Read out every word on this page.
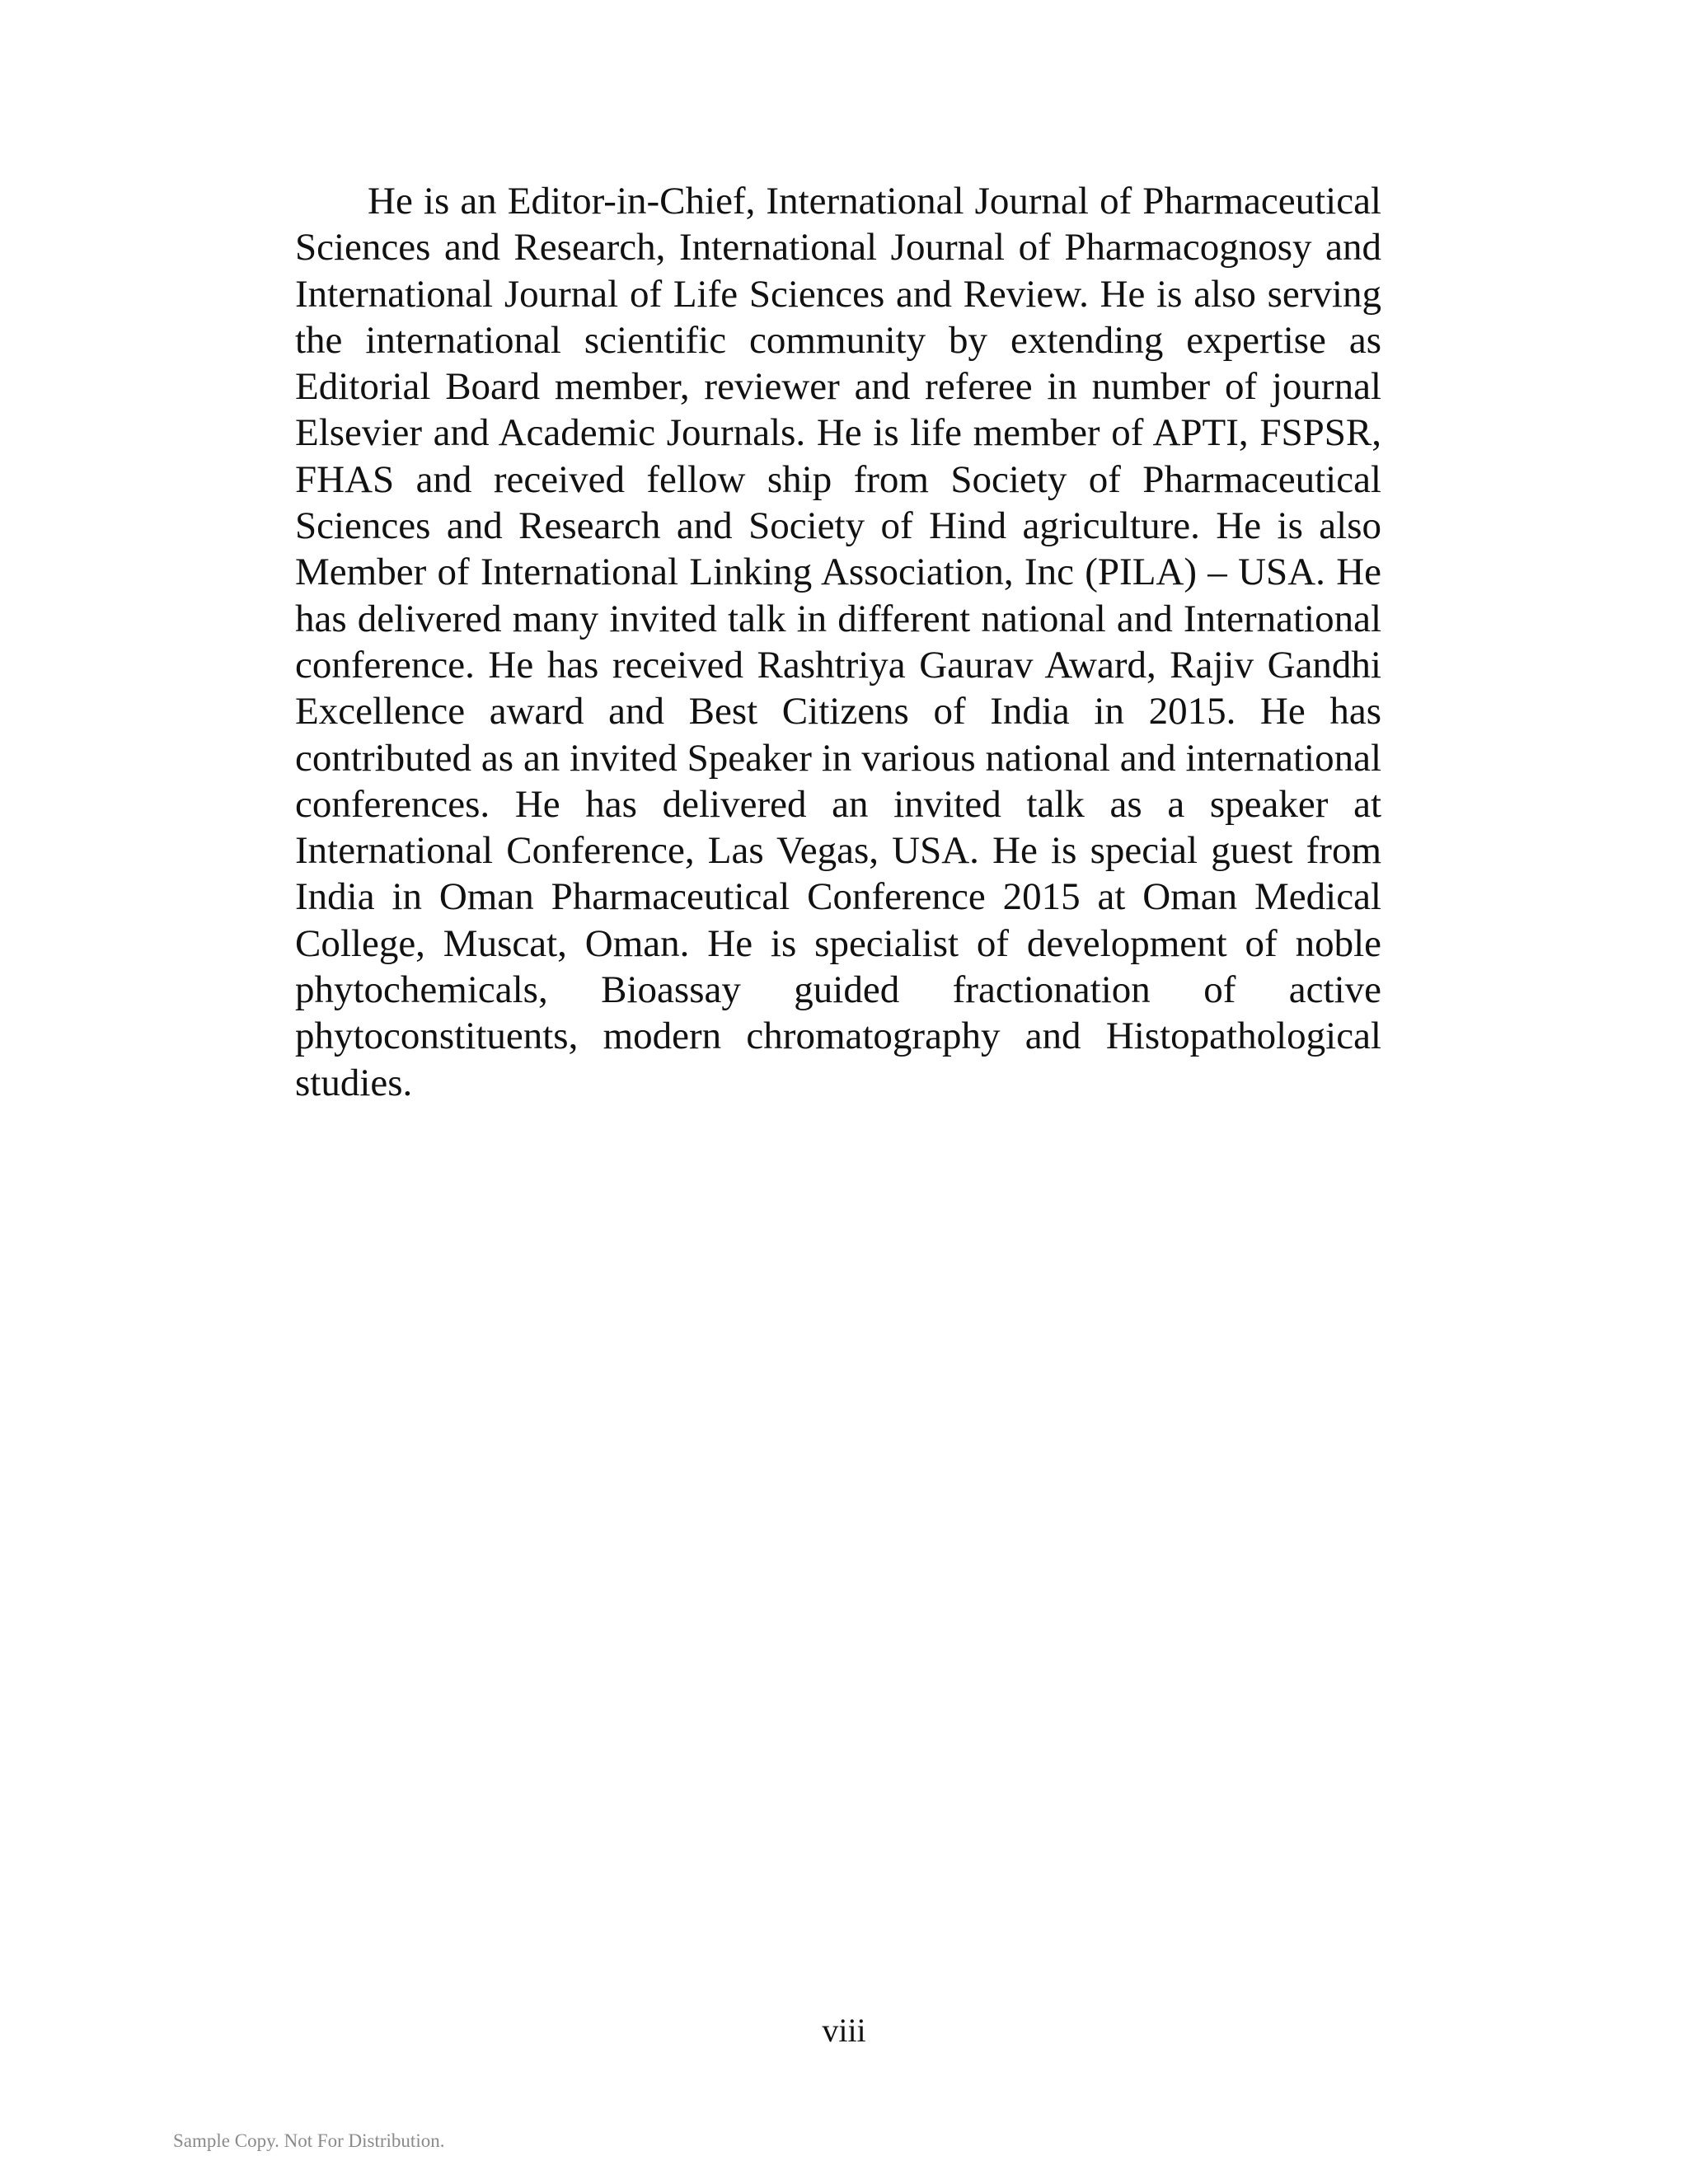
He is an Editor-in-Chief, International Journal of Pharmaceutical Sciences and Research, International Journal of Pharmacognosy and International Journal of Life Sciences and Review. He is also serving the international scientific community by extending expertise as Editorial Board member, reviewer and referee in number of journal Elsevier and Academic Journals. He is life member of APTI, FSPSR, FHAS and received fellow ship from Society of Pharmaceutical Sciences and Research and Society of Hind agriculture. He is also Member of International Linking Association, Inc (PILA) – USA. He has delivered many invited talk in different national and International conference. He has received Rashtriya Gaurav Award, Rajiv Gandhi Excellence award and Best Citizens of India in 2015. He has contributed as an invited Speaker in various national and international conferences. He has delivered an invited talk as a speaker at International Conference, Las Vegas, USA. He is special guest from India in Oman Pharmaceutical Conference 2015 at Oman Medical College, Muscat, Oman. He is specialist of development of noble phytochemicals, Bioassay guided fractionation of active phytoconstituents, modern chromatography and Histopathological studies.

viii
Sample Copy. Not For Distribution.
